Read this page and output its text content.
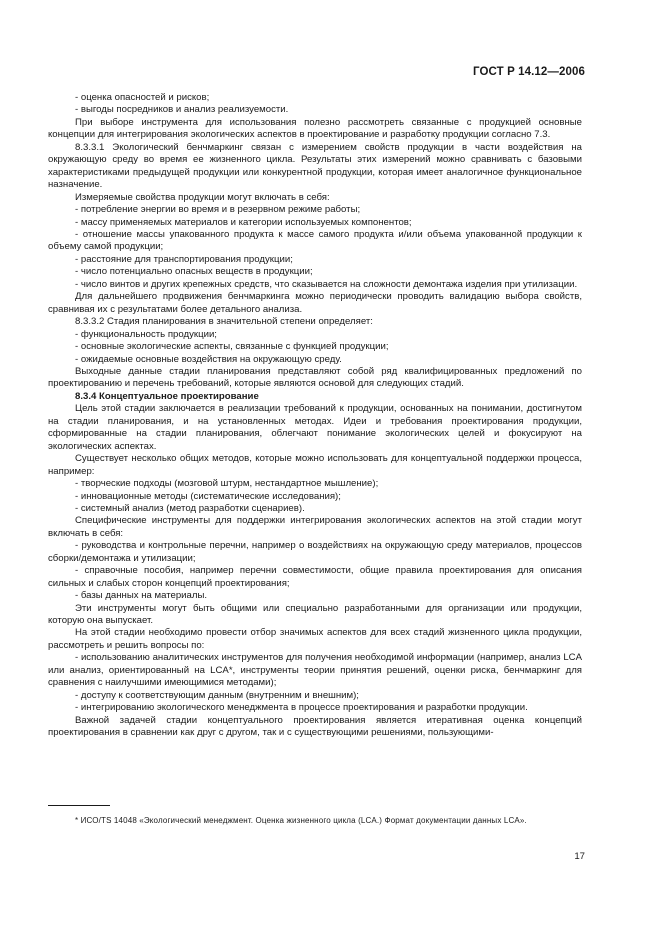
ГОСТ Р 14.12—2006

- оценка опасностей и рисков;

- выгоды посредников и анализ реализуемости.

При выборе инструмента для использования полезно рассмотреть связанные с продукцией основные концепции для интегрирования экологических аспектов в проектирование и разработку продукции согласно 7.3.

8.3.3.1 Экологический бенчмаркинг связан с измерением свойств продукции в части воздействия на окружающую среду во время ее жизненного цикла. Результаты этих измерений можно сравнивать с базовыми характеристиками предыдущей продукции или конкурентной продукции, которая имеет аналогичное функциональное назначение.

Измеряемые свойства продукции могут включать в себя:

- потребление энергии во время и в резервном режиме работы;

- массу применяемых материалов и категории используемых компонентов;

- отношение массы упакованного продукта к массе самого продукта и/или объема упакованной продукции к объему самой продукции;

- расстояние для транспортирования продукции;

- число потенциально опасных веществ в продукции;

- число винтов и других крепежных средств, что сказывается на сложности демонтажа изделия при утилизации.

Для дальнейшего продвижения бенчмаркинга можно периодически проводить валидацию выбора свойств, сравнивая их с результатами более детального анализа.

8.3.3.2 Стадия планирования в значительной степени определяет:

- функциональность продукции;

- основные экологические аспекты, связанные с функцией продукции;

- ожидаемые основные воздействия на окружающую среду.

Выходные данные стадии планирования представляют собой ряд квалифицированных предложений по проектированию и перечень требований, которые являются основой для следующих стадий.

8.3.4 Концептуальное проектирование

Цель этой стадии заключается в реализации требований к продукции, основанных на понимании, достигнутом на стадии планирования, и на установленных методах. Идеи и требования проектирования продукции, сформированные на стадии планирования, облегчают понимание экологических целей и фокусируют на экологических аспектах.

Существует несколько общих методов, которые можно использовать для концептуальной поддержки процесса, например:

- творческие подходы (мозговой штурм, нестандартное мышление);

- инновационные методы (систематические исследования);

- системный анализ (метод разработки сценариев).

Специфические инструменты для поддержки интегрирования экологических аспектов на этой стадии могут включать в себя:

- руководства и контрольные перечни, например о воздействиях на окружающую среду материалов, процессов сборки/демонтажа и утилизации;

- справочные пособия, например перечни совместимости, общие правила проектирования для описания сильных и слабых сторон концепций проектирования;

- базы данных на материалы.

Эти инструменты могут быть общими или специально разработанными для организации или продукции, которую она выпускает.

На этой стадии необходимо провести отбор значимых аспектов для всех стадий жизненного цикла продукции, рассмотреть и решить вопросы по:

- использованию аналитических инструментов для получения необходимой информации (например, анализ LCA или анализ, ориентированный на LCA*, инструменты теории принятия решений, оценки риска, бенчмаркинг для сравнения с наилучшими имеющимися методами);

- доступу к соответствующим данным (внутренним и внешним);

- интегрированию экологического менеджмента в процессе проектирования и разработки продукции.

Важной задачей стадии концептуального проектирования является итеративная оценка концепций проектирования в сравнении как друг с другом, так и с существующими решениями, пользующими-

* ИСО/TS 14048 «Экологический менеджмент. Оценка жизненного цикла (LCA.) Формат документации данных LCA».
17
